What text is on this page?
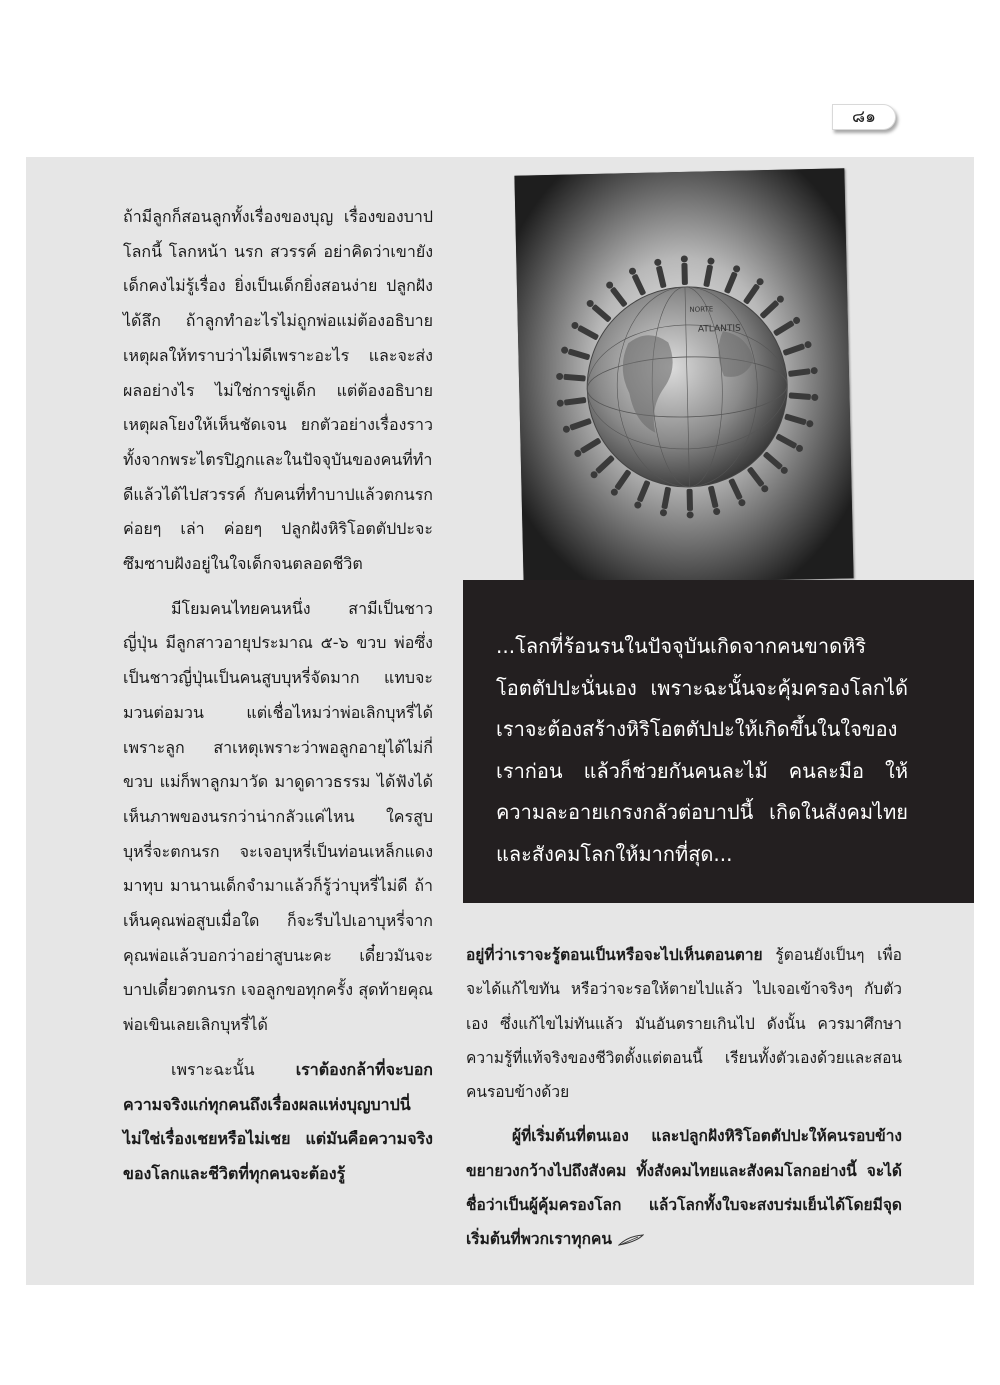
๘๑

ถ้ามีลูกก็สอนลูกทั้งเรื่องของบุญ เรื่องของบาป โลกนี้ โลกหน้า นรก สวรรค์ อย่าคิดว่าเขายังเด็กคงไม่รู้เรื่อง ยิ่งเป็นเด็กยิ่งสอนง่าย ปลูกฝังได้ลึก ถ้าลูกทำอะไรไม่ถูกพ่อแม่ต้องอธิบายเหตุผลให้ทราบว่าไม่ดีเพราะอะไร และจะส่งผลอย่างไร ไม่ใช่การขู่เด็ก แต่ต้องอธิบายเหตุผลโยงให้เห็นชัดเจน ยกตัวอย่างเรื่องราวทั้งจากพระไตรปิฎกและในปัจจุบันของคนที่ทำดีแล้วได้ไปสวรรค์ กับคนที่ทำบาปแล้วตกนรก ค่อยๆ เล่า ค่อยๆ ปลูกฝังหิริโอตตัปปะจะซึมซาบฝังอยู่ในใจเด็กจนตลอดชีวิต

มีโยมคนไทยคนหนึ่ง สามีเป็นชาวญี่ปุ่น มีลูกสาวอายุประมาณ ๕-๖ ขวบ พ่อซึ่งเป็นชาวญี่ปุ่นเป็นคนสูบบุหรี่จัดมาก แทบจะมวนต่อมวน แต่เชื่อไหมว่าพ่อเลิกบุหรี่ได้เพราะลูก สาเหตุเพราะว่าพอลูกอายุได้ไม่กี่ขวบ แม่ก็พาลูกมาวัด มาดูดาวธรรม ได้ฟังได้เห็นภาพของนรกว่าน่ากลัวแค่ไหน ใครสูบบุหรี่จะตกนรก จะเจอบุหรี่เป็นท่อนเหล็กแดงมาทุบ มานานเด็กจำมาแล้วก็รู้ว่าบุหรี่ไม่ดี ถ้าเห็นคุณพ่อสูบเมื่อใด ก็จะรีบไปเอาบุหรี่จากคุณพ่อแล้วบอกว่าอย่าสูบนะคะ เดี๋ยวมันจะบาปเดี๋ยวตกนรก เจอลูกขอทุกครั้ง สุดท้ายคุณพ่อเขินเลยเลิกบุหรี่ได้

เพราะฉะนั้น เราต้องกล้าที่จะบอกความจริงแก่ทุกคนถึงเรื่องผลแห่งบุญบาปนี่ไม่ใช่เรื่องเชยหรือไม่เชย แต่มันคือความจริงของโลกและชีวิตที่ทุกคนจะต้องรู้

ATLANTIS
NORTE
...โลกที่ร้อนรนในปัจจุบันเกิดจากคนขาดหิริโอตตัปปะนั่นเอง เพราะฉะนั้นจะคุ้มครองโลกได้ เราจะต้องสร้างหิริโอตตัปปะให้เกิดขึ้นในใจของเราก่อน แล้วก็ช่วยกันคนละไม้ คนละมือ ให้ความละอายเกรงกลัวต่อบาปนี้ เกิดในสังคมไทย และสังคมโลกให้มากที่สุด...

อยู่ที่ว่าเราจะรู้ตอนเป็นหรือจะไปเห็นตอนตาย รู้ตอนยังเป็นๆ เพื่อจะได้แก้ไขทัน หรือว่าจะรอให้ตายไปแล้ว ไปเจอเข้าจริงๆ กับตัวเอง ซึ่งแก้ไขไม่ทันแล้ว มันอันตรายเกินไป ดังนั้น ควรมาศึกษาความรู้ที่แท้จริงของชีวิตตั้งแต่ตอนนี้ เรียนทั้งตัวเองด้วยและสอนคนรอบข้างด้วย

ผู้ที่เริ่มต้นที่ตนเอง และปลูกฝังหิริโอตตัปปะให้คนรอบข้าง ขยายวงกว้างไปถึงสังคม ทั้งสังคมไทยและสังคมโลกอย่างนี้ จะได้ชื่อว่าเป็นผู้คุ้มครองโลก แล้วโลกทั้งใบจะสงบร่มเย็นได้โดยมีจุดเริ่มต้นที่พวกเราทุกคน
